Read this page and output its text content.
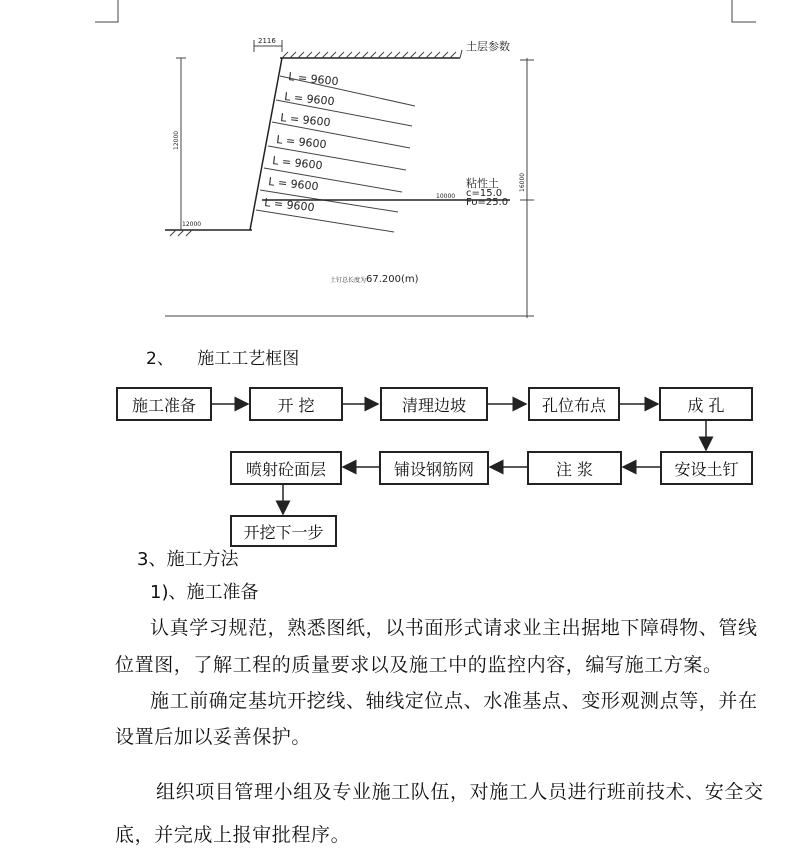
土层参数
2116
L = 9600
L = 9600
L = 9600
L = 9600
L = 9600
L = 9600
L = 9600
粘性土
c=15.0
Fo=25.0
10000
12000
12000
16000
土钉总长度为67.200(m)
2、 施工工艺框图
施工准备	开 挖	清理边坡	孔位布点	成 孔
安设土钉
注 浆
铺设钢筋网
喷射砼面层
开挖下一步
3、施工方法
1)、施工准备
认真学习规范，熟悉图纸，以书面形式请求业主出据地下障碍物、管线
位置图，了解工程的质量要求以及施工中的监控内容，编写施工方案。
施工前确定基坑开挖线、轴线定位点、水准基点、变形观测点等，并在
设置后加以妥善保护。
组织项目管理小组及专业施工队伍，对施工人员进行班前技术、安全交
底，并完成上报审批程序。
